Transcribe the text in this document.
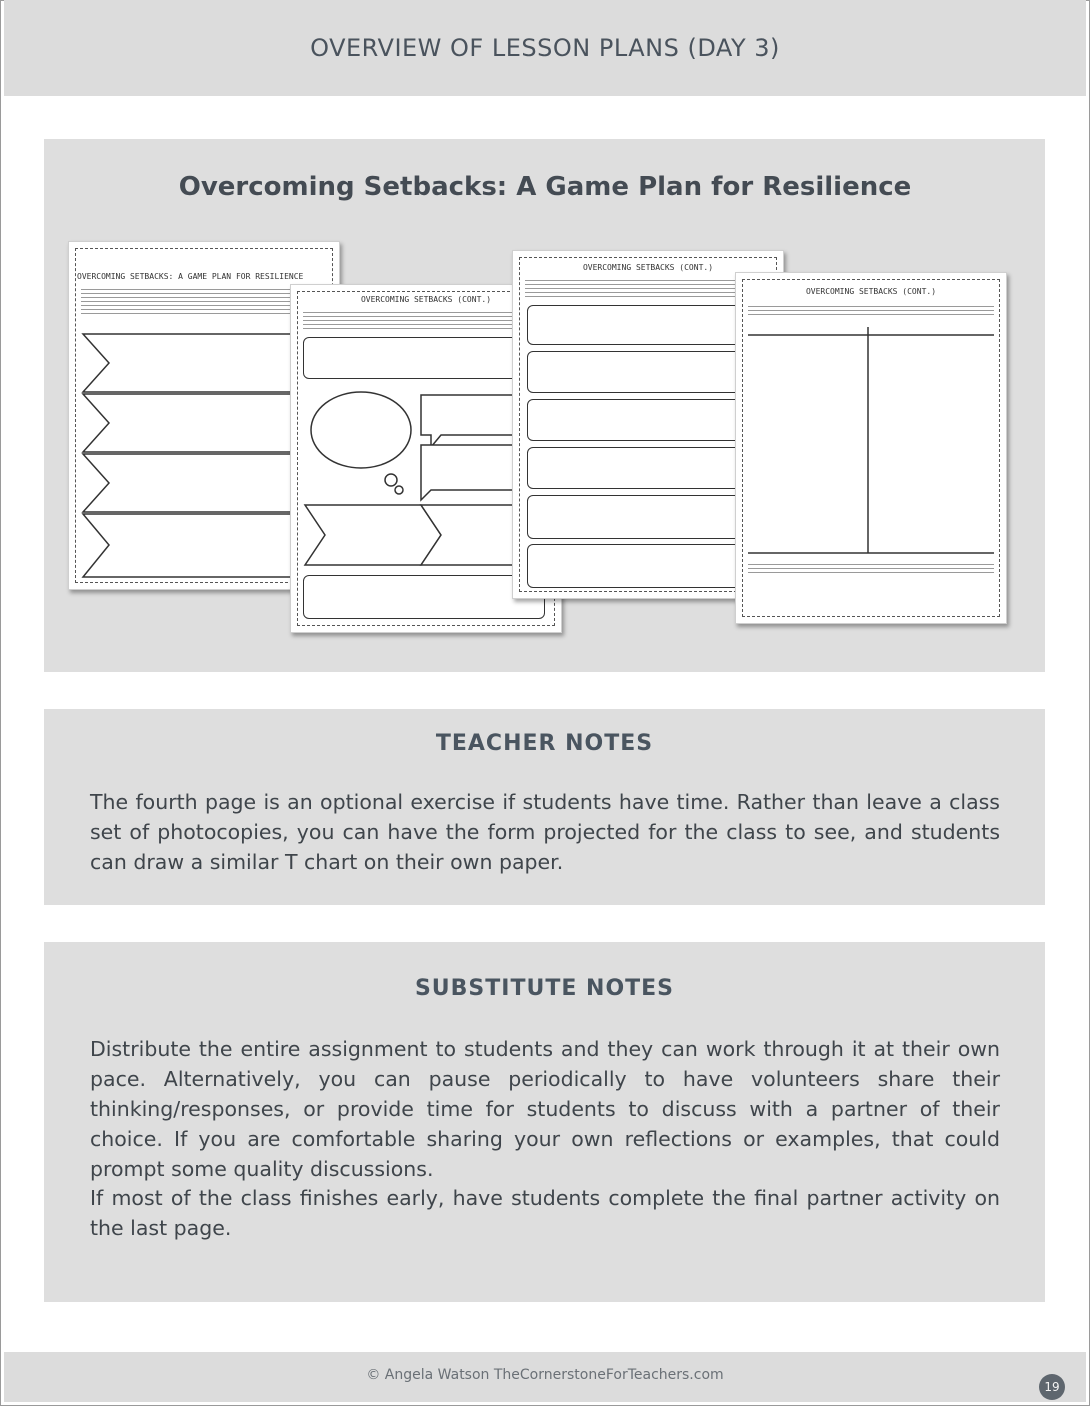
OVERVIEW OF LESSON PLANS (DAY 3)
Overcoming Setbacks: A Game Plan for Resilience
OVERCOMING SETBACKS: A GAME PLAN FOR RESILIENCE
OVERCOMING SETBACKS (CONT.)
OVERCOMING SETBACKS (CONT.)
OVERCOMING SETBACKS (CONT.)
TEACHER NOTES

The fourth page is an optional exercise if students have time. Rather than leave a class set of photocopies, you can have the form projected for the class to see, and students can draw a similar T chart on their own paper.

SUBSTITUTE NOTES

Distribute the entire assignment to students and they can work through it at their own pace. Alternatively, you can pause periodically to have volunteers share their thinking/responses, or provide time for students to discuss with a partner of their choice. If you are comfortable sharing your own reflections or examples, that could prompt some quality discussions.

If most of the class finishes early, have students complete the final partner activity on the last page.

© Angela Watson TheCornerstoneForTeachers.com
19
